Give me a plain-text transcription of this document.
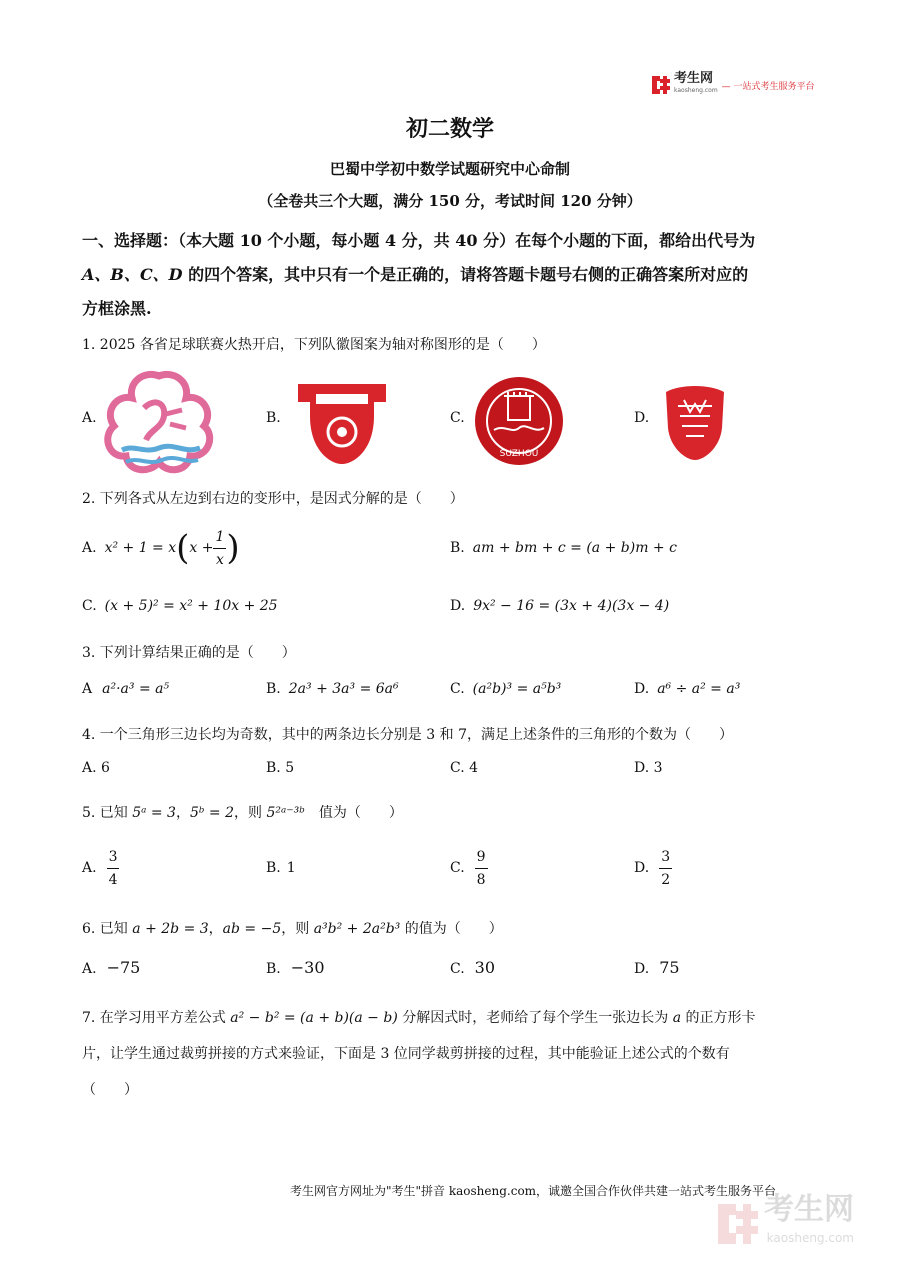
考生网
kaosheng.com — 一站式考生服务平台
初二数学
巴蜀中学初中数学试题研究中心命制
（全卷共三个大题，满分 150 分，考试时间 120 分钟）
一、选择题：（本大题 10 个小题，每小题 4 分，共 40 分）在每个小题的下面，都给出代号为
A、B、C、D 的四个答案，其中只有一个是正确的，请将答题卡题号右侧的正确答案所对应的
方框涂黑.
1. 2025 各省足球联赛火热开启，下列队徽图案为轴对称图形的是（　　）
A.	B.	C.
SUZHOU
D.
2. 下列各式从左边到右边的变形中，是因式分解的是（　　）
A. x² + 1 = x ( $x + \frac{1}{x}$ )	B. am + bm + c = (a + b)m + c
C. (x + 5)² = x² + 10x + 25	D. 9x² − 16 = (3x + 4)(3x − 4)
3. 下列计算结果正确的是（　　）
A a²·a³ = a⁵	B. 2a³ + 3a³ = 6a⁶	C. (a²b)³ = a⁵b³	D. a⁶ ÷ a² = a³
4. 一个三角形三边长均为奇数，其中的两条边长分别是 3 和 7，满足上述条件的三角形的个数为（　　）
A. 6	B. 5	C. 4	D. 3
5. 已知 5ᵃ = 3，5ᵇ = 2，则 5²ᵃ⁻³ᵇ　值为（　　）
A. $\frac{3}{4}$	B. 1	C. $\frac{9}{8}$	D. $\frac{3}{2}$
6. 已知 a + 2b = 3，ab = −5，则 a³b² + 2a²b³ 的值为（　　）
A. −75	B. −30	C. 30	D. 75
7. 在学习用平方差公式 a² − b² = (a + b)(a − b) 分解因式时，老师给了每个学生一张边长为 a 的正方形卡
片，让学生通过裁剪拼接的方式来验证，下面是 3 位同学裁剪拼接的过程，其中能验证上述公式的个数有
（　　）
考生网官方网址为"考生"拼音 kaosheng.com，诚邀全国合作伙伴共建一站式考生服务平台
考生网
kaosheng.com
